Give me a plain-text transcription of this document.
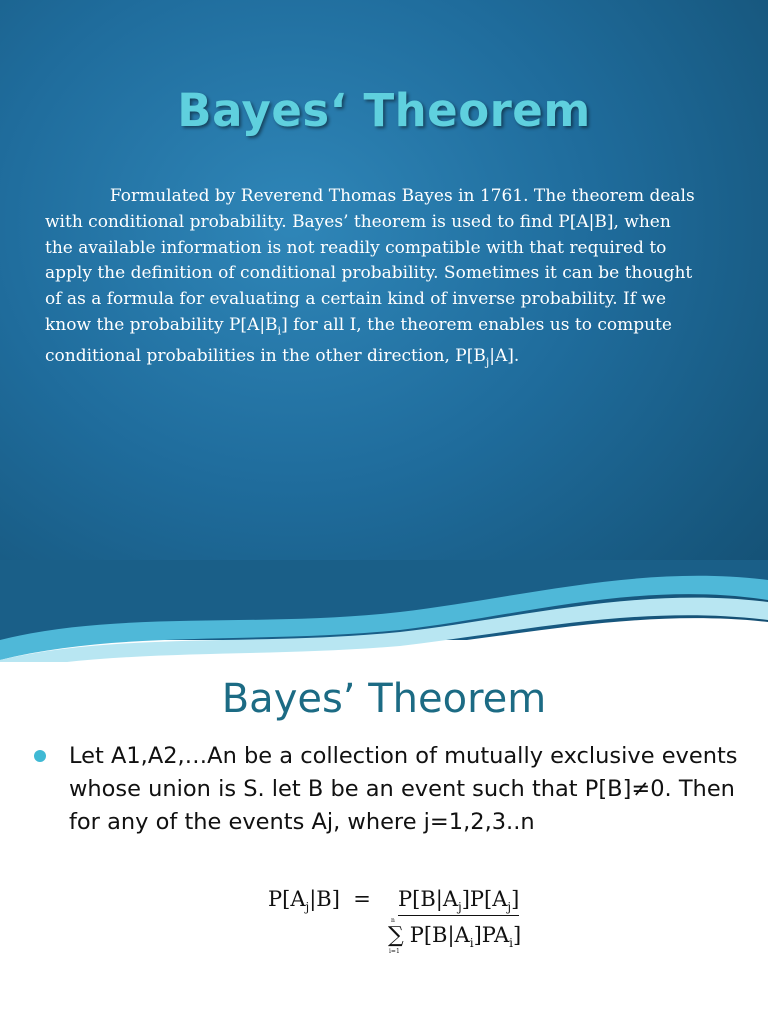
Bayes‘ Theorem
Formulated by Reverend Thomas Bayes in 1761. The theorem deals with conditional probability. Bayes’ theorem is used to find P[A|B], when the available information is not readily compatible with that required to apply the definition of conditional probability. Sometimes it can be thought of as a formula for evaluating a certain kind of inverse probability. If we know the probability $P[A|B_i]$ for all I, the theorem enables us to compute conditional probabilities in the other direction, $P[B_j|A]$.
Bayes’ Theorem
Let A1,A2,…An be a collection of mutually exclusive events whose union is S. let B be an event such that P[B]≠0. Then for any of the events Aj, where j=1,2,3..n
$P[A_j|B] = P[B|A_j]P[A_j]$
n
∑
i=1
$P[B|A_i]PA_i$]
